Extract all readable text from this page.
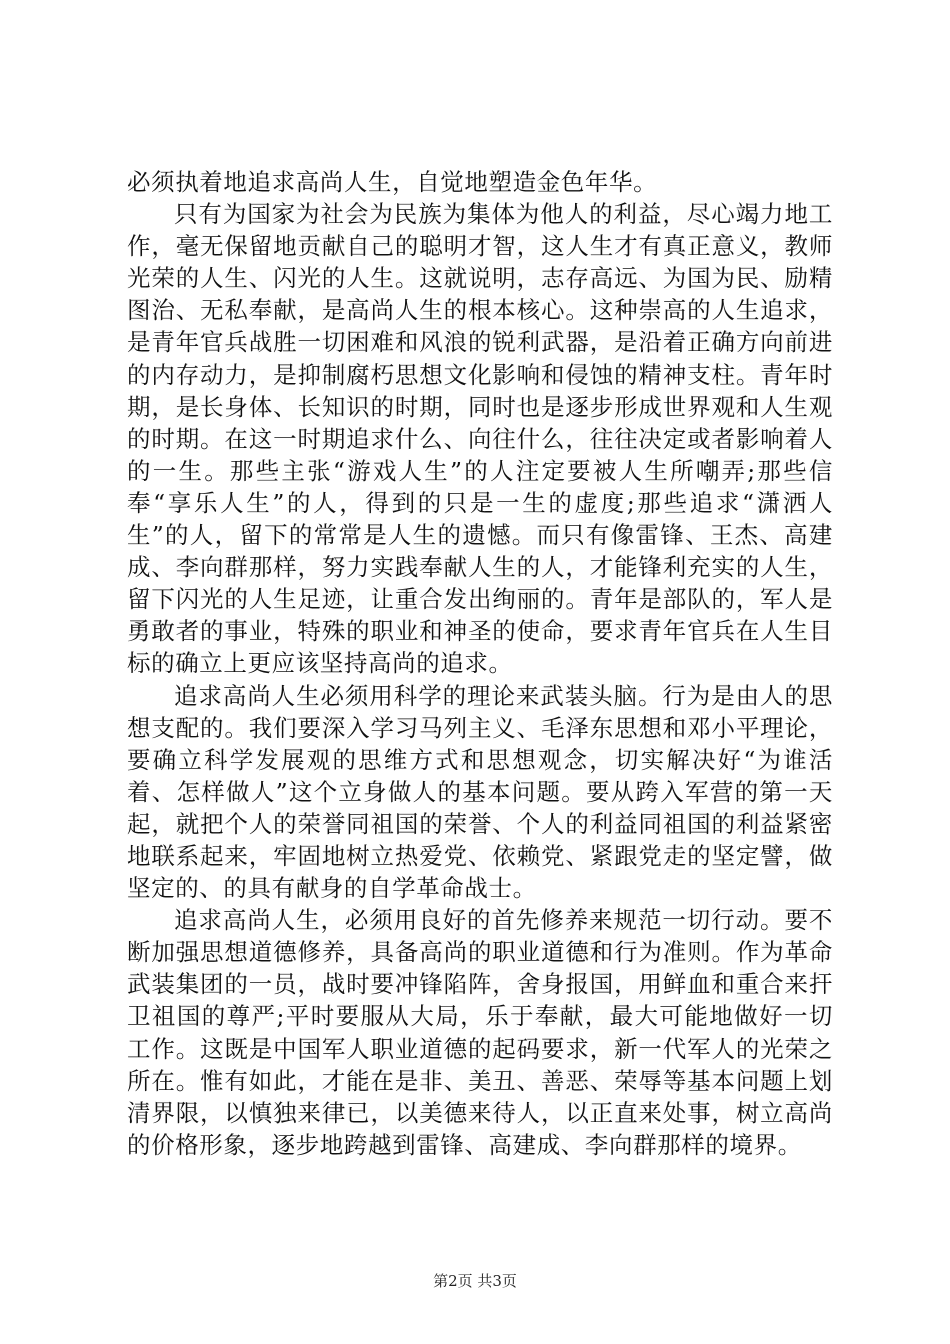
必须执着地追求高尚人生，自觉地塑造金色年华。

只有为国家为社会为民族为集体为他人的利益，尽心竭力地工作，毫无保留地贡献自己的聪明才智，这人生才有真正意义，教师光荣的人生、闪光的人生。这就说明，志存高远、为国为民、励精图治、无私奉献，是高尚人生的根本核心。这种崇高的人生追求，是青年官兵战胜一切困难和风浪的锐利武器，是沿着正确方向前进的内存动力，是抑制腐朽思想文化影响和侵蚀的精神支柱。青年时期，是长身体、长知识的时期，同时也是逐步形成世界观和人生观的时期。在这一时期追求什么、向往什么，往往决定或者影响着人的一生。那些主张“游戏人生”的人注定要被人生所嘲弄;那些信奉“享乐人生”的人，得到的只是一生的虚度;那些追求“潇洒人生”的人，留下的常常是人生的遗憾。而只有像雷锋、王杰、高建成、李向群那样，努力实践奉献人生的人，才能锋利充实的人生，留下闪光的人生足迹，让重合发出绚丽的。青年是部队的，军人是勇敢者的事业，特殊的职业和神圣的使命，要求青年官兵在人生目标的确立上更应该坚持高尚的追求。

追求高尚人生必须用科学的理论来武装头脑。行为是由人的思想支配的。我们要深入学习马列主义、毛泽东思想和邓小平理论，要确立科学发展观的思维方式和思想观念，切实解决好“为谁活着、怎样做人”这个立身做人的基本问题。要从跨入军营的第一天起，就把个人的荣誉同祖国的荣誉、个人的利益同祖国的利益紧密地联系起来，牢固地树立热爱党、依赖党、紧跟党走的坚定譬，做坚定的、的具有献身的自学革命战士。

追求高尚人生，必须用良好的首先修养来规范一切行动。要不断加强思想道德修养，具备高尚的职业道德和行为准则。作为革命武装集团的一员，战时要冲锋陷阵，舍身报国，用鲜血和重合来扞卫祖国的尊严;平时要服从大局，乐于奉献，最大可能地做好一切工作。这既是中国军人职业道德的起码要求，新一代军人的光荣之所在。惟有如此，才能在是非、美丑、善恶、荣辱等基本问题上划清界限，以慎独来律已，以美德来待人，以正直来处事，树立高尚的价格形象，逐步地跨越到雷锋、高建成、李向群那样的境界。

第2页 共3页
